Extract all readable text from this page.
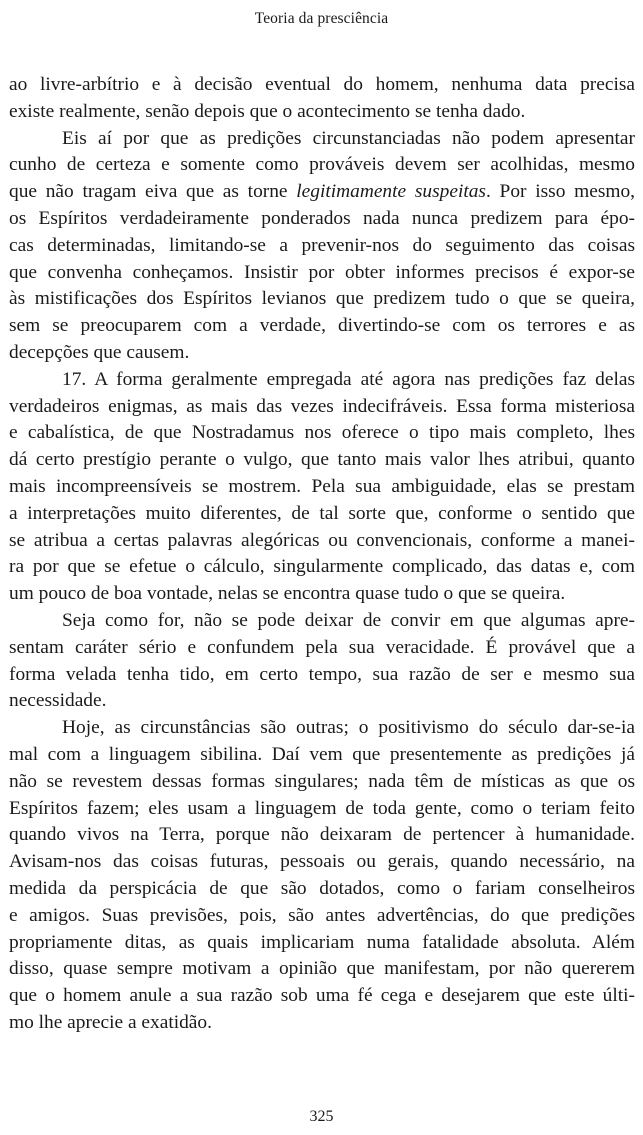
Teoria da presciência

ao livre-arbítrio e à decisão eventual do homem, nenhuma data precisa
existe realmente, senão depois que o acontecimento se tenha dado.

Eis aí por que as predições circunstanciadas não podem apresentar
cunho de certeza e somente como prováveis devem ser acolhidas, mesmo
que não tragam eiva que as torne legitimamente suspeitas. Por isso mesmo,
os Espíritos verdadeiramente ponderados nada nunca predizem para épo-
cas determinadas, limitando-se a prevenir-nos do seguimento das coisas
que convenha conheçamos. Insistir por obter informes precisos é expor-se
às mistificações dos Espíritos levianos que predizem tudo o que se queira,
sem se preocuparem com a verdade, divertindo-se com os terrores e as
decepções que causem.

17. A forma geralmente empregada até agora nas predições faz delas
verdadeiros enigmas, as mais das vezes indecifráveis. Essa forma misteriosa
e cabalística, de que Nostradamus nos oferece o tipo mais completo, lhes
dá certo prestígio perante o vulgo, que tanto mais valor lhes atribui, quanto
mais incompreensíveis se mostrem. Pela sua ambiguidade, elas se prestam
a interpretações muito diferentes, de tal sorte que, conforme o sentido que
se atribua a certas palavras alegóricas ou convencionais, conforme a manei-
ra por que se efetue o cálculo, singularmente complicado, das datas e, com
um pouco de boa vontade, nelas se encontra quase tudo o que se queira.

Seja como for, não se pode deixar de convir em que algumas apre-
sentam caráter sério e confundem pela sua veracidade. É provável que a
forma velada tenha tido, em certo tempo, sua razão de ser e mesmo sua
necessidade.

Hoje, as circunstâncias são outras; o positivismo do século dar-se-ia
mal com a linguagem sibilina. Daí vem que presentemente as predições já
não se revestem dessas formas singulares; nada têm de místicas as que os
Espíritos fazem; eles usam a linguagem de toda gente, como o teriam feito
quando vivos na Terra, porque não deixaram de pertencer à humanidade.
Avisam-nos das coisas futuras, pessoais ou gerais, quando necessário, na
medida da perspicácia de que são dotados, como o fariam conselheiros
e amigos. Suas previsões, pois, são antes advertências, do que predições
propriamente ditas, as quais implicariam numa fatalidade absoluta. Além
disso, quase sempre motivam a opinião que manifestam, por não quererem
que o homem anule a sua razão sob uma fé cega e desejarem que este últi-
mo lhe aprecie a exatidão.

325
